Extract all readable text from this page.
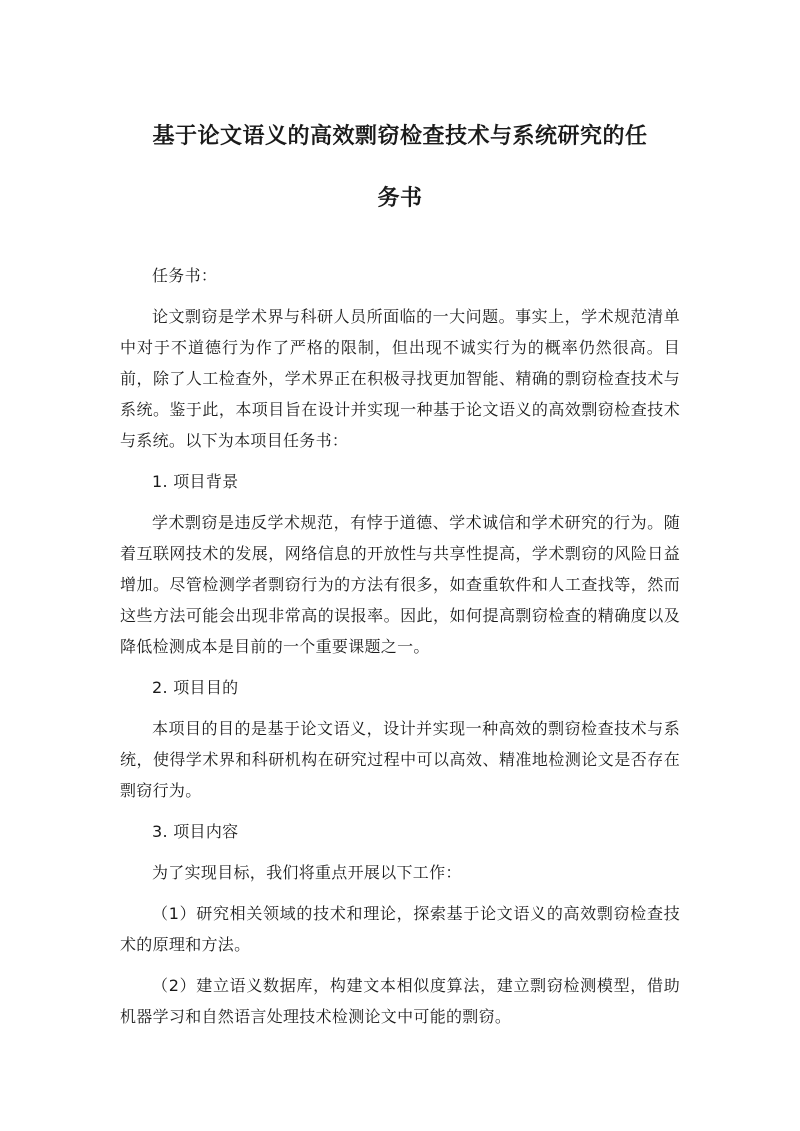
基于论文语义的高效剽窃检查技术与系统研究的任
务书

任务书：

论文剽窃是学术界与科研人员所面临的一大问题。事实上，学术规范清单中对于不道德行为作了严格的限制，但出现不诚实行为的概率仍然很高。目前，除了人工检查外，学术界正在积极寻找更加智能、精确的剽窃检查技术与系统。鉴于此，本项目旨在设计并实现一种基于论文语义的高效剽窃检查技术与系统。以下为本项目任务书：

1. 项目背景

学术剽窃是违反学术规范，有悖于道德、学术诚信和学术研究的行为。随着互联网技术的发展，网络信息的开放性与共享性提高，学术剽窃的风险日益增加。尽管检测学者剽窃行为的方法有很多，如查重软件和人工查找等，然而这些方法可能会出现非常高的误报率。因此，如何提高剽窃检查的精确度以及降低检测成本是目前的一个重要课题之一。

2. 项目目的

本项目的目的是基于论文语义，设计并实现一种高效的剽窃检查技术与系统，使得学术界和科研机构在研究过程中可以高效、精准地检测论文是否存在剽窃行为。

3. 项目内容

为了实现目标，我们将重点开展以下工作：

（1）研究相关领域的技术和理论，探索基于论文语义的高效剽窃检查技术的原理和方法。

（2）建立语义数据库，构建文本相似度算法，建立剽窃检测模型，借助机器学习和自然语言处理技术检测论文中可能的剽窃。
